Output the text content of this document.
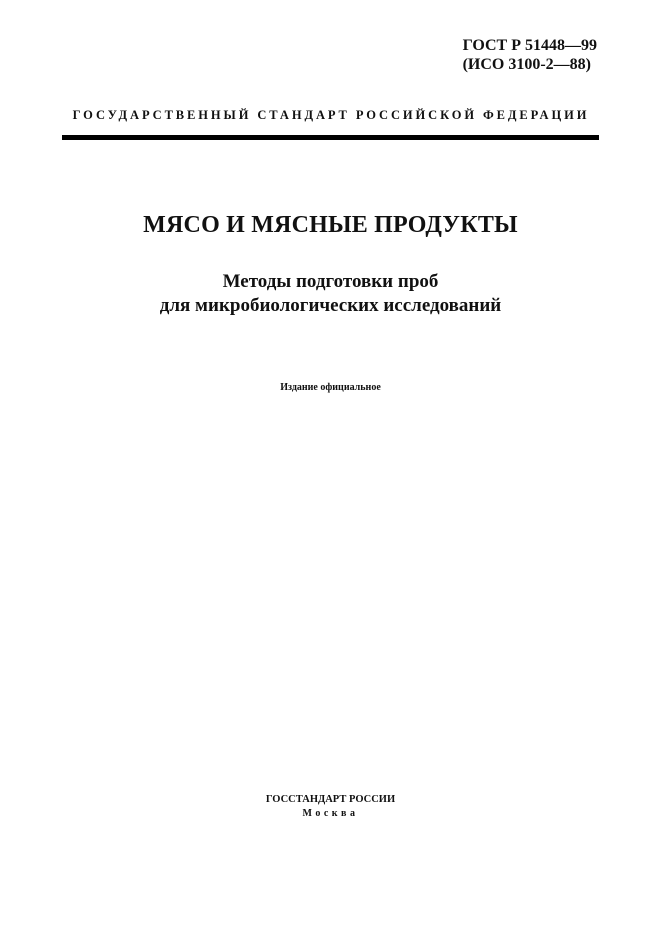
ГОСТ Р 51448—99
(ИСО 3100-2—88)
ГОСУДАРСТВЕННЫЙ СТАНДАРТ РОССИЙСКОЙ ФЕДЕРАЦИИ
МЯСО И МЯСНЫЕ ПРОДУКТЫ
Методы подготовки проб
для микробиологических исследований
Издание официальное
ГОССТАНДАРТ РОССИИ
Москва
